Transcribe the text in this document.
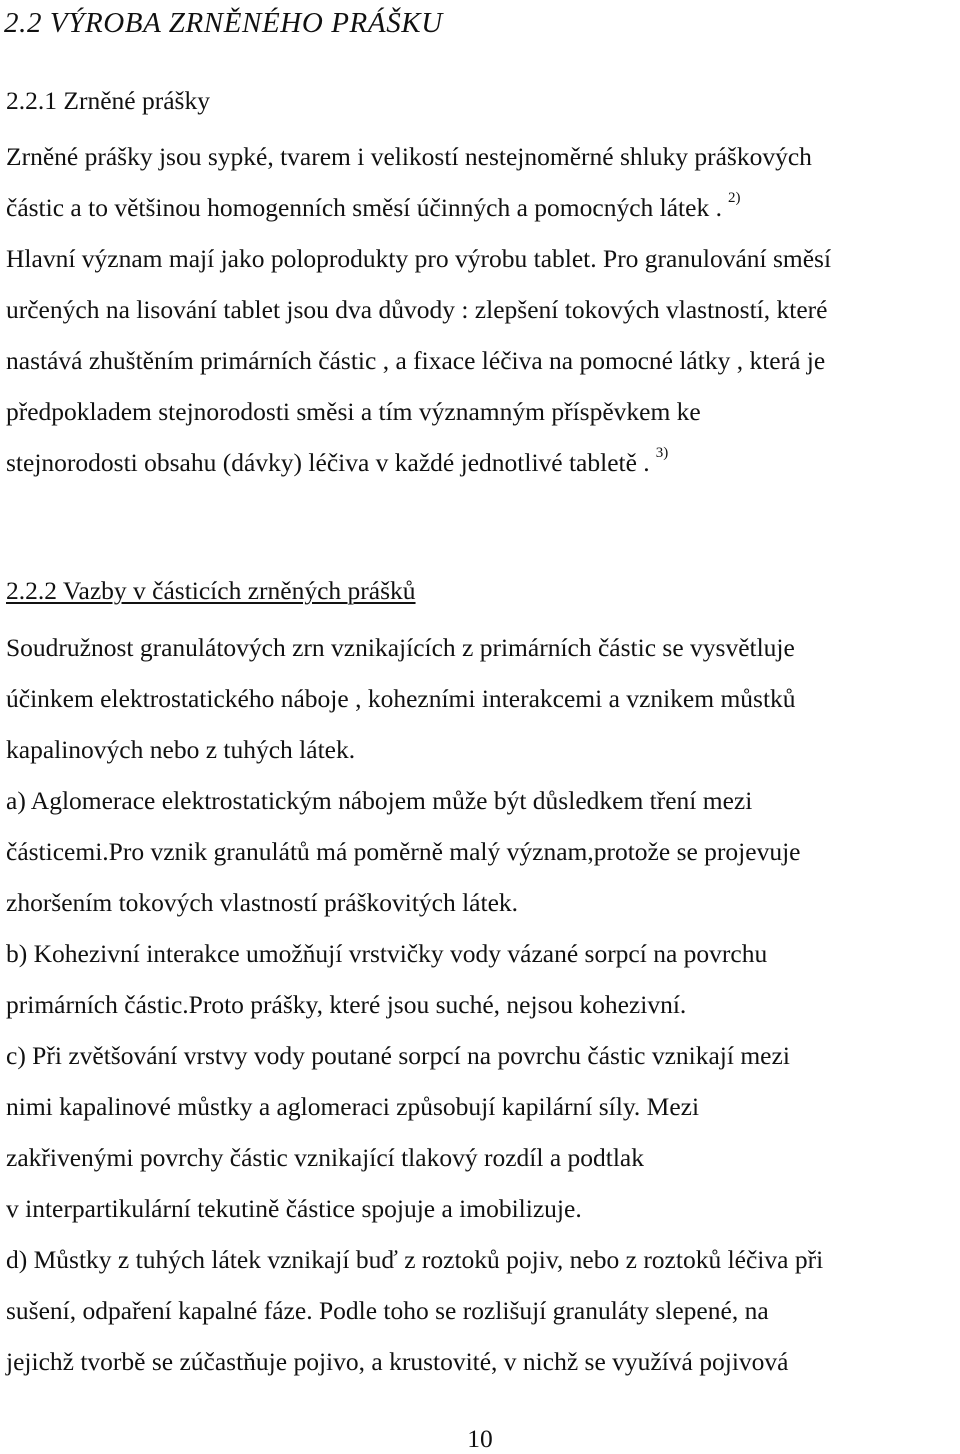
2.2 VÝROBA ZRNĚNÉHO PRÁŠKU
2.2.1 Zrněné prášky
Zrněné prášky jsou sypké, tvarem i velikostí nestejnoměrné shluky práškových
částic a to většinou homogenních směsí účinných a pomocných látek . $^{2)}$
Hlavní význam mají jako poloprodukty pro výrobu tablet. Pro granulování směsí
určených na lisování tablet jsou dva důvody : zlepšení tokových vlastností, které
nastává zhuštěním primárních částic , a fixace léčiva na pomocné látky , která je
předpokladem stejnorodosti směsi a tím významným příspěvkem ke
stejnorodosti obsahu (dávky) léčiva v každé jednotlivé tabletě . $^{3)}$
2.2.2 Vazby v částicích zrněných prášků
Soudružnost granulátových zrn vznikajících z primárních částic se vysvětluje
účinkem elektrostatického náboje , kohezními interakcemi a vznikem můstků
kapalinových nebo z tuhých látek.
a) Aglomerace elektrostatickým nábojem může být důsledkem tření mezi
částicemi.Pro vznik granulátů má poměrně malý význam,protože se projevuje
zhoršením tokových vlastností práškovitých látek.
b) Kohezivní interakce umožňují vrstvičky vody vázané sorpcí na povrchu
primárních částic.Proto prášky, které jsou suché, nejsou kohezivní.
c) Při zvětšování vrstvy vody poutané sorpcí na povrchu částic vznikají mezi
nimi kapalinové můstky a aglomeraci způsobují kapilární síly. Mezi
zakřivenými povrchy částic vznikající tlakový rozdíl a podtlak
v interpartikulární tekutině částice spojuje a imobilizuje.
d) Můstky z tuhých látek vznikají buď z roztoků pojiv, nebo z roztoků léčiva při
sušení, odpaření kapalné fáze. Podle toho se rozlišují granuláty slepené, na
jejichž tvorbě se zúčastňuje pojivo, a krustovité, v nichž se využívá pojivová
10
